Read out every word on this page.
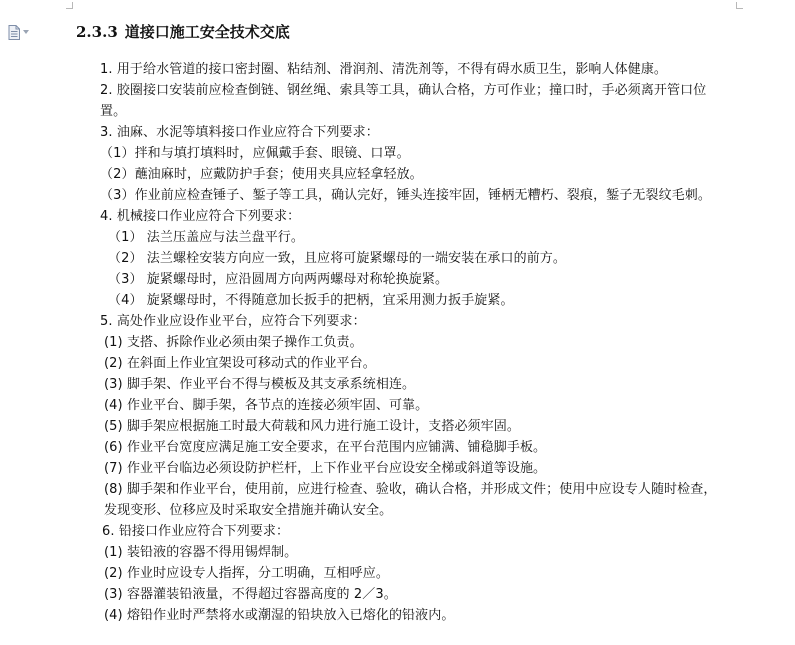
2.3.3 道接口施工安全技术交底

1. 用于给水管道的接口密封圈、粘结剂、滑润剂、清洗剂等，不得有碍水质卫生，影响人体健康。

2. 胶圈接口安装前应检查倒链、钢丝绳、索具等工具，确认合格，方可作业；撞口时，手必须离开管口位置。

3. 油麻、水泥等填料接口作业应符合下列要求：

（1）拌和与填打填料时，应佩戴手套、眼镜、口罩。

（2）蘸油麻时，应戴防护手套；使用夹具应轻拿轻放。

（3）作业前应检查锤子、錾子等工具，确认完好，锤头连接牢固，锤柄无糟朽、裂痕，錾子无裂纹毛刺。

4. 机械接口作业应符合下列要求：

（1） 法兰压盖应与法兰盘平行。

（2） 法兰螺栓安装方向应一致，且应将可旋紧螺母的一端安装在承口的前方。

（3） 旋紧螺母时，应沿圆周方向两两螺母对称轮换旋紧。

（4） 旋紧螺母时，不得随意加长扳手的把柄，宜采用测力扳手旋紧。

5. 高处作业应设作业平台，应符合下列要求：

(1) 支搭、拆除作业必须由架子操作工负责。

(2) 在斜面上作业宜架设可移动式的作业平台。

(3) 脚手架、作业平台不得与模板及其支承系统相连。

(4) 作业平台、脚手架，各节点的连接必须牢固、可靠。

(5) 脚手架应根据施工时最大荷载和风力进行施工设计，支搭必须牢固。

(6) 作业平台宽度应满足施工安全要求，在平台范围内应铺满、铺稳脚手板。

(7) 作业平台临边必须设防护栏杆，上下作业平台应设安全梯或斜道等设施。

(8) 脚手架和作业平台，使用前，应进行检查、验收，确认合格，并形成文件；使用中应设专人随时检查，发现变形、位移应及时采取安全措施并确认安全。

6. 铅接口作业应符合下列要求：

(1) 装铅液的容器不得用锡焊制。

(2) 作业时应设专人指挥，分工明确，互相呼应。

(3) 容器灌装铅液量，不得超过容器高度的 2／3。

(4) 熔铅作业时严禁将水或潮湿的铅块放入已熔化的铅液内。
